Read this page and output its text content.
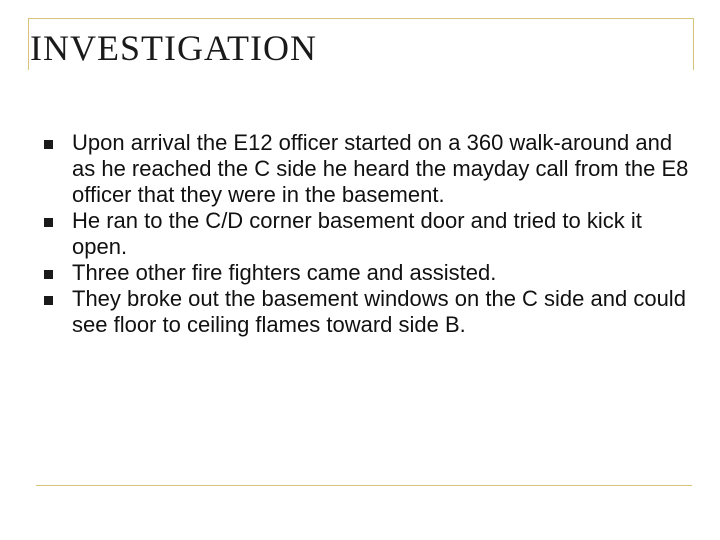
INVESTIGATION
Upon arrival the E12 officer started on a 360 walk-around and as he reached the C side he heard the mayday call from the E8 officer that they were in the basement.
He ran to the C/D corner basement door and tried to kick it open.
Three other fire fighters came and assisted.
They broke out the basement windows on the C side and could see floor to ceiling flames toward side B.
